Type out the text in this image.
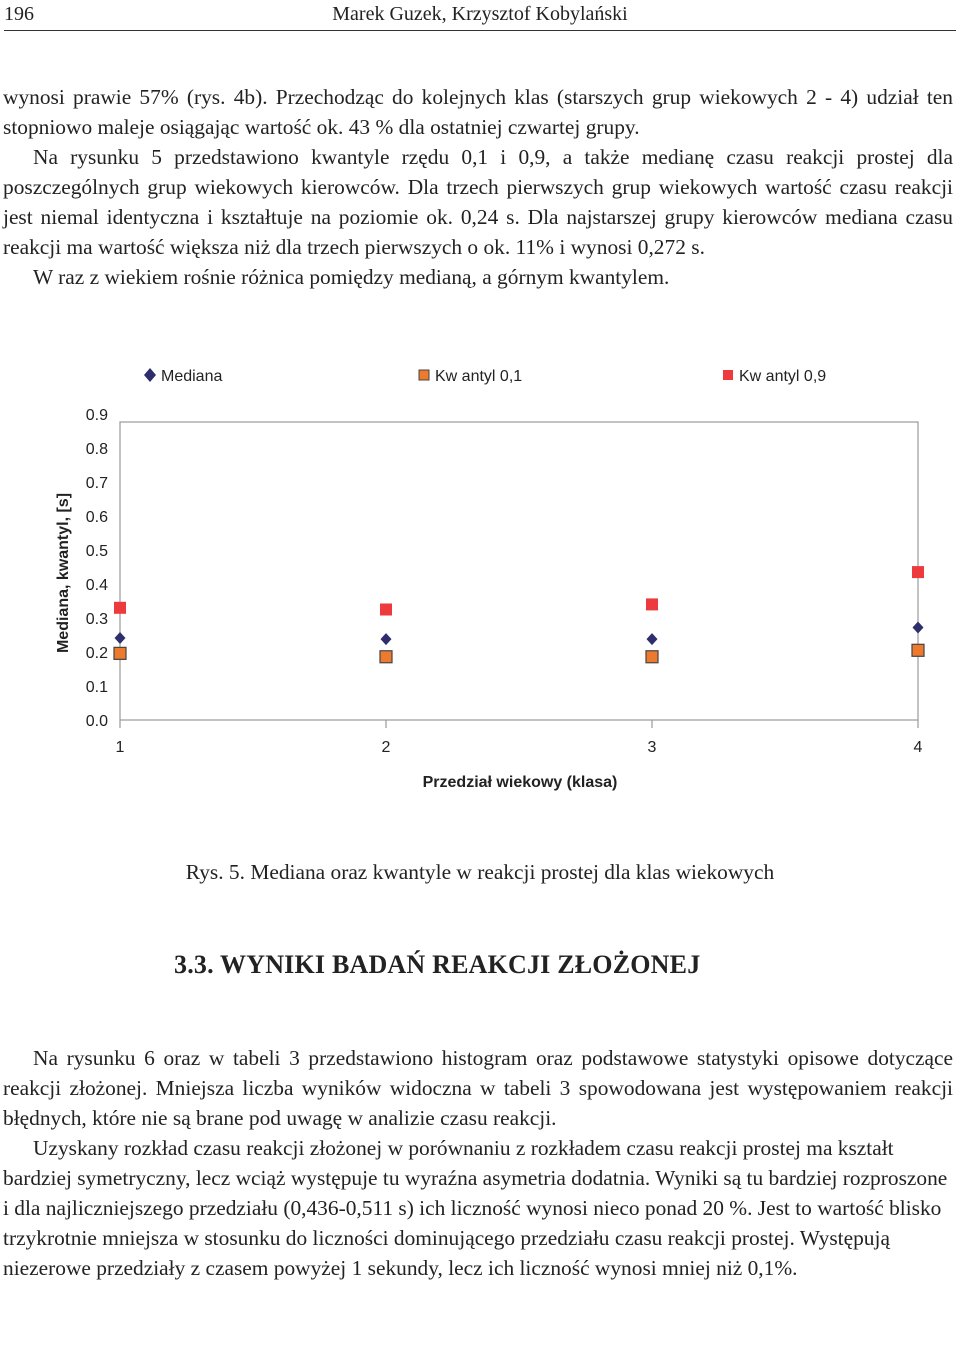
196	Marek Guzek, Krzysztof Kobylański

wynosi prawie 57% (rys. 4b). Przechodząc do kolejnych klas (starszych grup wiekowych 2 - 4) udział ten stopniowo maleje osiągając wartość ok. 43 % dla ostatniej czwartej grupy.

Na rysunku 5 przedstawiono kwantyle rzędu 0,1 i 0,9, a także medianę czasu reakcji prostej dla poszczególnych grup wiekowych kierowców. Dla trzech pierwszych grup wiekowych wartość czasu reakcji jest niemal identyczna i kształtuje na poziomie ok. 0,24 s. Dla najstarszej grupy kierowców mediana czasu reakcji ma wartość większa niż dla trzech pierwszych o ok. 11% i wynosi 0,272 s.

W raz z wiekiem rośnie różnica pomiędzy medianą, a górnym kwantylem.

Mediana	Kw antyl 0,1	Kw antyl 0,9
Mediana, kwantyl, [s]
0.0
0.1
0.2
0.3
0.4
0.5
0.6
0.7
0.8
0.9
1	2	3	4
Przedział wiekowy (klasa)
Rys. 5. Mediana oraz kwantyle w reakcji prostej dla klas wiekowych
3.3. WYNIKI BADAŃ REAKCJI ZŁOŻONEJ

Na rysunku 6 oraz w tabeli 3 przedstawiono histogram oraz podstawowe statystyki opisowe dotyczące reakcji złożonej. Mniejsza liczba wyników widoczna w tabeli 3 spowodowana jest występowaniem reakcji błędnych, które nie są brane pod uwagę w analizie czasu reakcji.

Uzyskany rozkład czasu reakcji złożonej w porównaniu z rozkładem czasu reakcji prostej ma kształt bardziej symetryczny, lecz wciąż występuje tu wyraźna asymetria dodatnia. Wyniki są tu bardziej rozproszone i dla najliczniejszego przedziału (0,436-0,511 s) ich liczność wynosi nieco ponad 20 %. Jest to wartość blisko trzykrotnie mniejsza w stosunku do liczności dominującego przedziału czasu reakcji prostej. Występują niezerowe przedziały z czasem powyżej 1 sekundy, lecz ich liczność wynosi mniej niż 0,1%.
